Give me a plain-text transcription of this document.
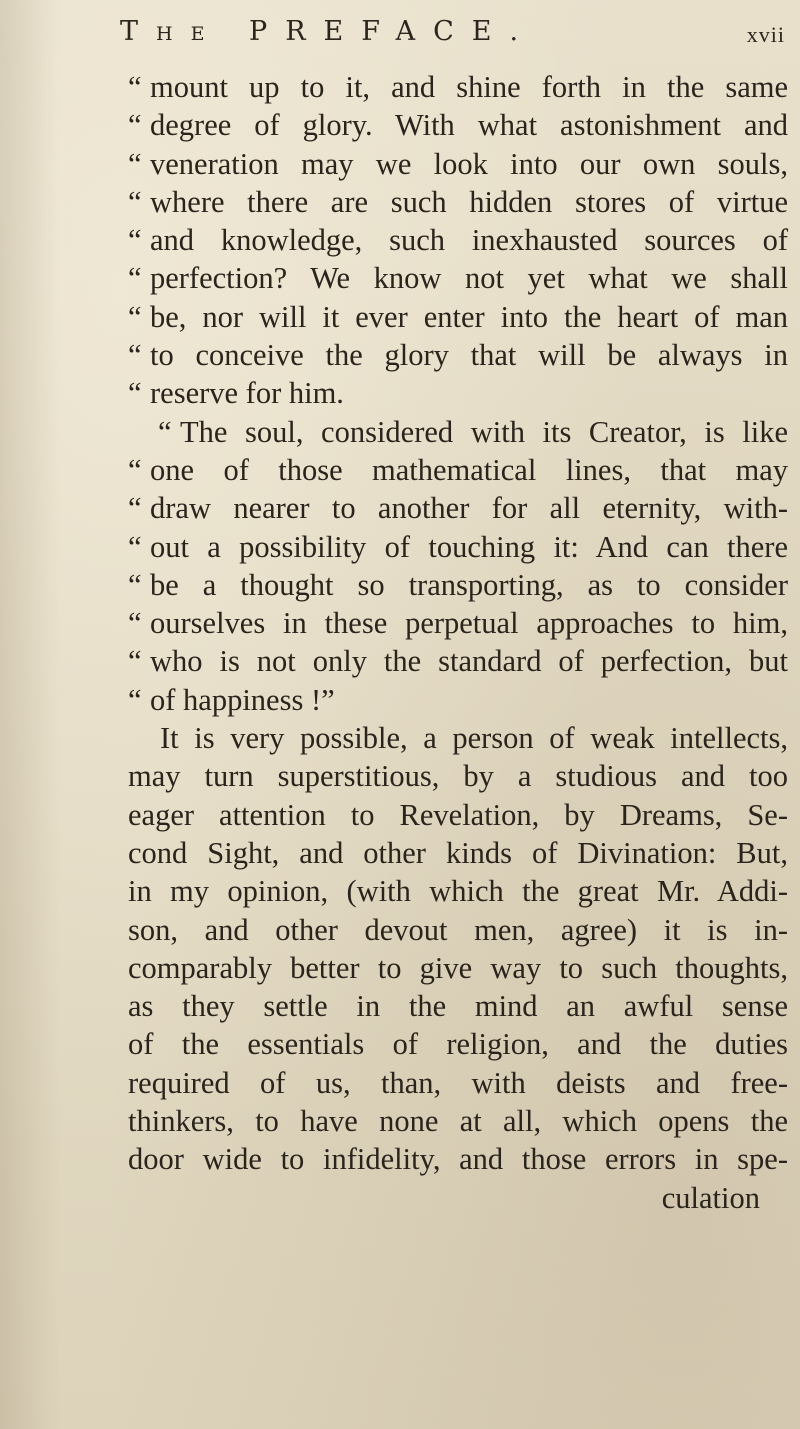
The PREFACE.	xvii
“ mount up to it, and shine forth in the same
“ degree of glory. With what astonishment and
“ veneration may we look into our own souls,
“ where there are such hidden stores of virtue
“ and knowledge, such inexhausted sources of
“ perfection? We know not yet what we shall
“ be, nor will it ever enter into the heart of man
“ to conceive the glory that will be always in
“ reserve for him.
“ The soul, considered with its Creator, is like
“ one of those mathematical lines, that may
“ draw nearer to another for all eternity, with-
“ out a possibility of touching it: And can there
“ be a thought so transporting, as to consider
“ ourselves in these perpetual approaches to him,
“ who is not only the standard of perfection, but
“ of happiness !”
It is very possible, a person of weak intellects,
may turn superstitious, by a studious and too
eager attention to Revelation, by Dreams, Se-
cond Sight, and other kinds of Divination: But,
in my opinion, (with which the great Mr. Addi-
son, and other devout men, agree) it is in-
comparably better to give way to such thoughts,
as they settle in the mind an awful sense
of the essentials of religion, and the duties
required of us, than, with deists and free-
thinkers, to have none at all, which opens the
door wide to infidelity, and those errors in spe-
culation
